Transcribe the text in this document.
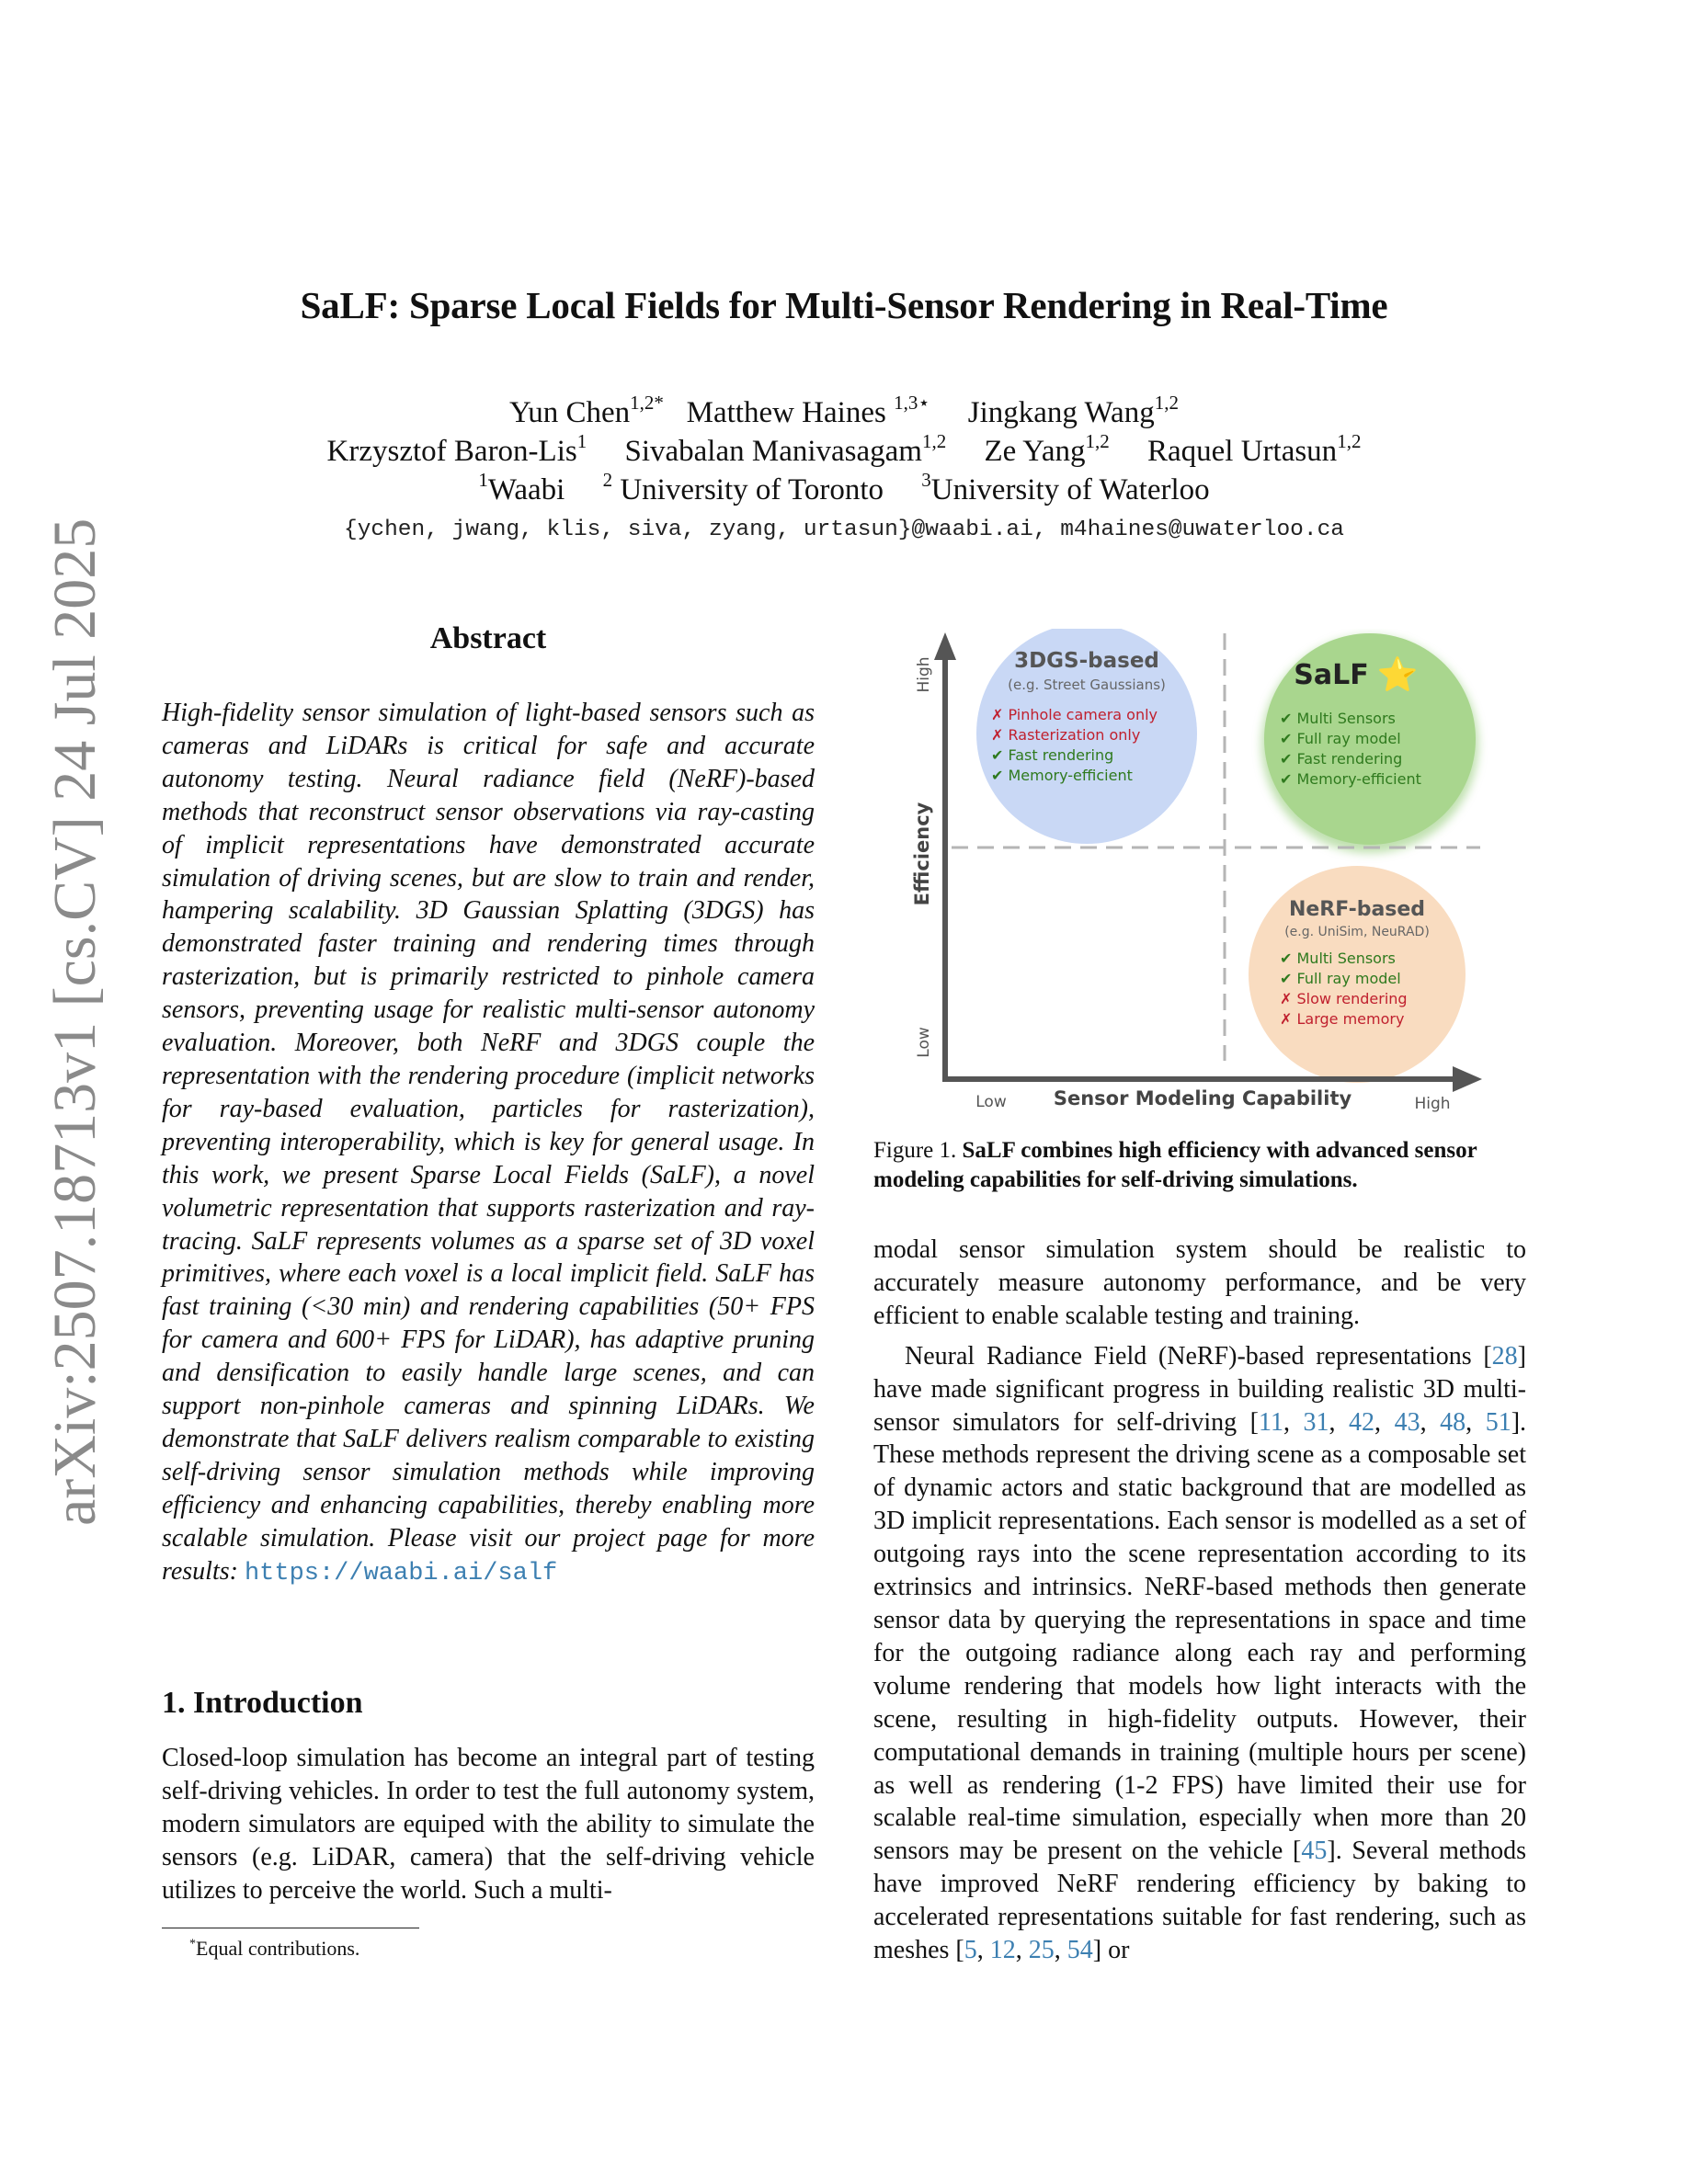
arXiv:2507.18713v1 [cs.CV] 24 Jul 2025
SaLF: Sparse Local Fields for Multi-Sensor Rendering in Real-Time
Yun Chen$^{1,2*}$ Matthew Haines $^{1,3⋆}$ Jingkang Wang$^{1,2}$
Krzysztof Baron-Lis$^1$ Sivabalan Manivasagam$^{1,2}$ Ze Yang$^{1,2}$ Raquel Urtasun$^{1,2}$
$^1$Waabi $^2$ University of Toronto $^3$University of Waterloo
{ychen, jwang, klis, siva, zyang, urtasun}@waabi.ai, m4haines@uwaterloo.ca
Abstract
High-fidelity sensor simulation of light-based sensors such as cameras and LiDARs is critical for safe and accurate autonomy testing. Neural radiance field (NeRF)-based methods that reconstruct sensor observations via ray-casting of implicit representations have demonstrated accurate simulation of driving scenes, but are slow to train and render, hampering scalability. 3D Gaussian Splatting (3DGS) has demonstrated faster training and rendering times through rasterization, but is primarily restricted to pinhole camera sensors, preventing usage for realistic multi-sensor autonomy evaluation. Moreover, both NeRF and 3DGS couple the representation with the rendering procedure (implicit networks for ray-based evaluation, particles for rasterization), preventing interoperability, which is key for general usage. In this work, we present Sparse Local Fields (SaLF), a novel volumetric representation that supports rasterization and ray-tracing. SaLF represents volumes as a sparse set of 3D voxel primitives, where each voxel is a local implicit field. SaLF has fast training (<30 min) and rendering capabilities (50+ FPS for camera and 600+ FPS for LiDAR), has adaptive pruning and densification to easily handle large scenes, and can support non-pinhole cameras and spinning LiDARs. We demonstrate that SaLF delivers realism comparable to existing self-driving sensor simulation methods while improving efficiency and enhancing capabilities, thereby enabling more scalable simulation. Please visit our project page for more results: https://waabi.ai/salf
1. Introduction
Closed-loop simulation has become an integral part of testing self-driving vehicles. In order to test the full autonomy system, modern simulators are equiped with the ability to simulate the sensors (e.g. LiDAR, camera) that the self-driving vehicle utilizes to perceive the world. Such a multi-
*Equal contributions.
High
Low
Efficiency
Low	High
Sensor Modeling Capability
3DGS-based
(e.g. Street Gaussians)
✗ Pinhole camera only
✗ Rasterization only
✔ Fast rendering
✔ Memory-efficient
SaLF ⭐
✔ Multi Sensors
✔ Full ray model
✔ Fast rendering
✔ Memory-efficient
NeRF-based
(e.g. UniSim, NeuRAD)
✔ Multi Sensors
✔ Full ray model
✗ Slow rendering
✗ Large memory
Figure 1. SaLF combines high efficiency with advanced sensor modeling capabilities for self-driving simulations.

modal sensor simulation system should be realistic to accurately measure autonomy performance, and be very efficient to enable scalable testing and training.

Neural Radiance Field (NeRF)-based representations [28] have made significant progress in building realistic 3D multi-sensor simulators for self-driving [11, 31, 42, 43, 48, 51]. These methods represent the driving scene as a composable set of dynamic actors and static background that are modelled as 3D implicit representations. Each sensor is modelled as a set of outgoing rays into the scene representation according to its extrinsics and intrinsics. NeRF-based methods then generate sensor data by querying the representations in space and time for the outgoing radiance along each ray and performing volume rendering that models how light interacts with the scene, resulting in high-fidelity outputs. However, their computational demands in training (multiple hours per scene) as well as rendering (1-2 FPS) have limited their use for scalable real-time simulation, especially when more than 20 sensors may be present on the vehicle [45]. Several methods have improved NeRF rendering efficiency by baking to accelerated representations suitable for fast rendering, such as meshes [5, 12, 25, 54] or
